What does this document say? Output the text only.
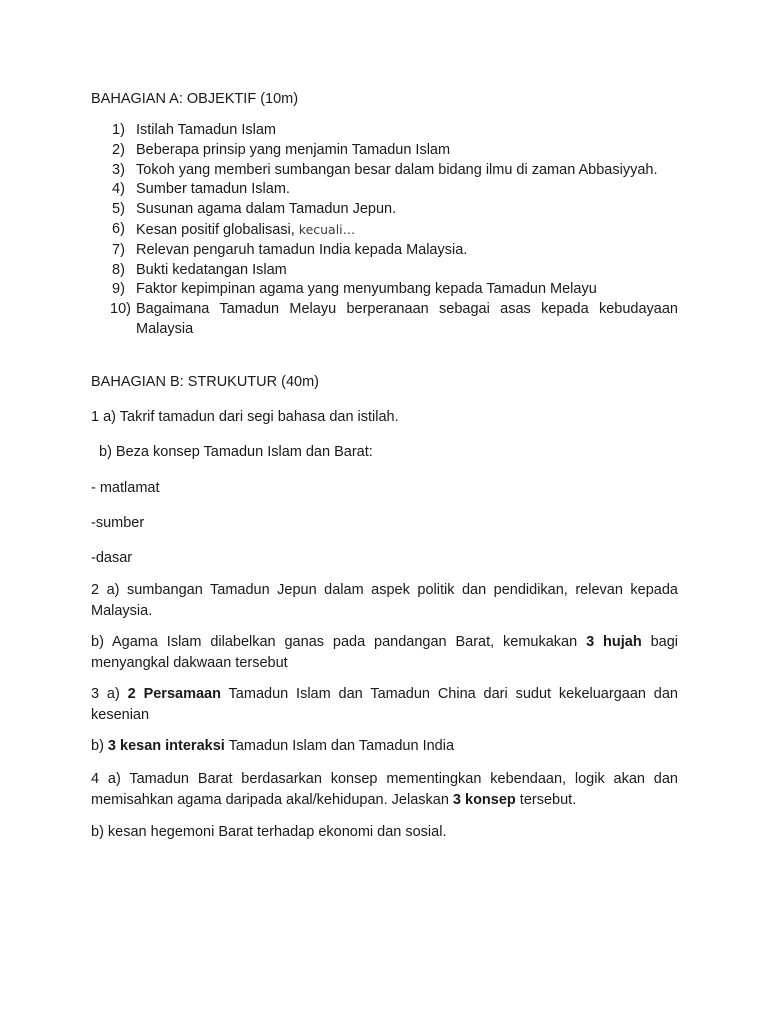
BAHAGIAN A: OBJEKTIF (10m)
1) Istilah Tamadun Islam
2) Beberapa prinsip yang menjamin Tamadun Islam
3) Tokoh yang memberi sumbangan besar dalam bidang ilmu di zaman Abbasiyyah.
4) Sumber tamadun Islam.
5) Susunan agama dalam Tamadun Jepun.
6) Kesan positif globalisasi, kecuali…
7) Relevan pengaruh tamadun India kepada Malaysia.
8) Bukti kedatangan Islam
9) Faktor kepimpinan agama yang menyumbang kepada Tamadun Melayu
10) Bagaimana Tamadun Melayu berperanaan sebagai asas kepada kebudayaan Malaysia
BAHAGIAN B: STRUKUTUR (40m)

1 a) Takrif tamadun dari segi bahasa dan istilah.

b) Beza konsep Tamadun Islam dan Barat:

- matlamat

-sumber

-dasar

2 a) sumbangan Tamadun Jepun dalam aspek politik dan pendidikan, relevan kepada Malaysia.

b) Agama Islam dilabelkan ganas pada pandangan Barat, kemukakan 3 hujah bagi menyangkal dakwaan tersebut

3 a) 2 Persamaan Tamadun Islam dan Tamadun China dari sudut kekeluargaan dan kesenian

b) 3 kesan interaksi Tamadun Islam dan Tamadun India

4 a) Tamadun Barat berdasarkan konsep mementingkan kebendaan, logik akan dan memisahkan agama daripada akal/kehidupan. Jelaskan 3 konsep tersebut.

b) kesan hegemoni Barat terhadap ekonomi dan sosial.
